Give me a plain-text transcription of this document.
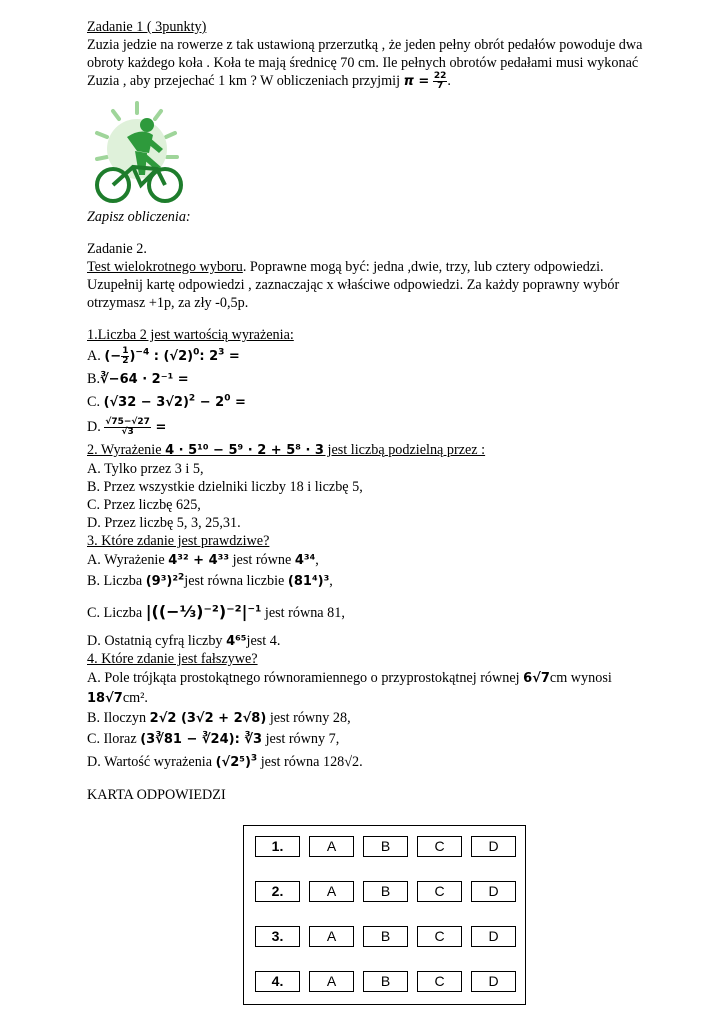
Zadanie 1 ( 3punkty)
Zuzia jedzie na rowerze z tak ustawioną przerzutką , że jeden pełny obrót pedałów powoduje dwa
obroty każdego koła . Koła te mają średnicę 70 cm. Ile pełnych obrotów pedałami musi wykonać
Zuzia , aby przejechać 1 km ? W obliczeniach przyjmij $\pi = \frac{22}{7}$ .
Zapisz obliczenia:
Zadanie 2.
Test wielokrotnego wyboru. Poprawne mogą być: jedna ,dwie, trzy, lub cztery odpowiedzi.
Uzupełnij kartę odpowiedzi , zaznaczając x właściwe odpowiedzi. Za każdy poprawny wybór
otrzymasz +1p, za zły -0,5p.
1.Liczba 2 jest wartością wyrażenia:
A. (− $\frac{1}{2} )^{-4}$ : $(√2)^0$: $2^3$ =
B.∛−64 · 2⁻¹ =
C. $(√32 - 3√2)^2 - 2^0$ =
D. $\frac{√75-√27}{√3}$ =
2. Wyrażenie 4 · 5¹⁰ − 5⁹ · 2 + 5⁸ · 3 jest liczbą podzielną przez :
A. Tylko przez 3 i 5,
B. Przez wszystkie dzielniki liczby 18 i liczbę 5,
C. Przez liczbę 625,
D. Przez liczbę 5, 3, 25,31.
3. Które zdanie jest prawdziwe?
A. Wyrażenie 4³² + 4³³ jest równe 4³⁴,
B. Liczba (9³)²$^2$jest równa liczbie (81⁴)³,
C. Liczba $|((-\frac{1}{3})^{-2})^{-2}|^{-1}$ jest równa 81,
D. Ostatnią cyfrą liczby 4⁶⁵jest 4.
4. Które zdanie jest fałszywe?
A. Pole trójkąta prostokątnego równoramiennego o przyprostokątnej równej 6√7cm wynosi
18√7cm².
B. Iloczyn 2√2 (3√2 + 2√8) jest równy 28,
C. Iloraz (3∛81 − ∛24): ∛3 jest równy 7,
D. Wartość wyrażenia $(√2^5)^3$ jest równa 128√2.
KARTA ODPOWIEDZI
1.	A	B	C	D
2.	A	B	C	D
3.	A	B	C	D
4.	A	B	C	D
